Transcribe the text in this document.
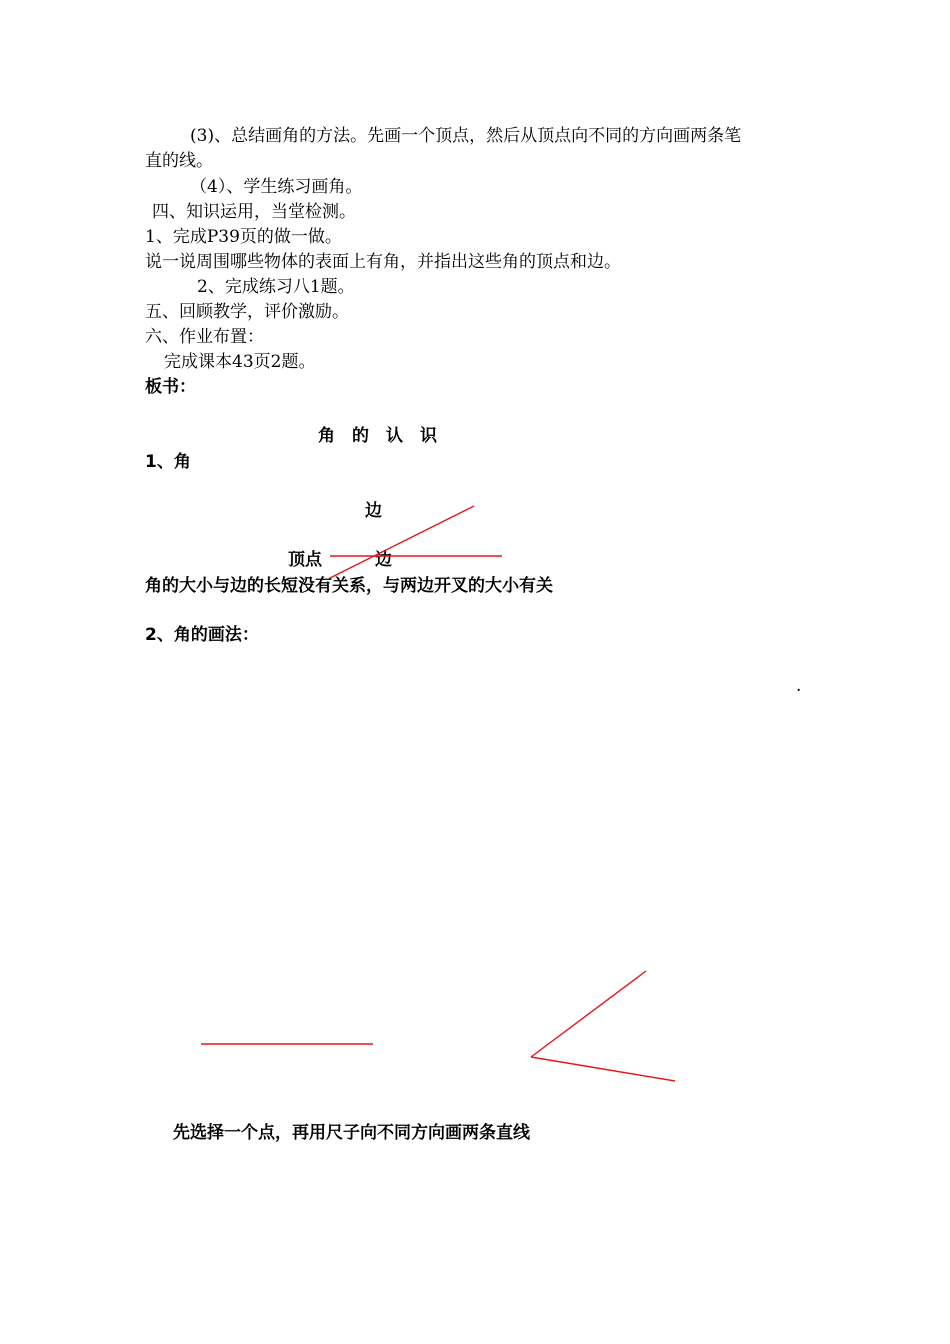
(3)、总结画角的方法。先画一个顶点，然后从顶点向不同的方向画两条笔
直的线。
（4）、学生练习画角。
四、知识运用，当堂检测。
1、完成P39页的做一做。
说一说周围哪些物体的表面上有角，并指出这些角的顶点和边。
2、完成练习八1题。
五、回顾教学，评价激励。
六、作业布置：
完成课本43页2题。
板书：
角　的　认　识
1、角
边
顶点	边
角的大小与边的长短没有关系，与两边开叉的大小有关
2、角的画法：
.
先选择一个点，再用尺子向不同方向画两条直线
